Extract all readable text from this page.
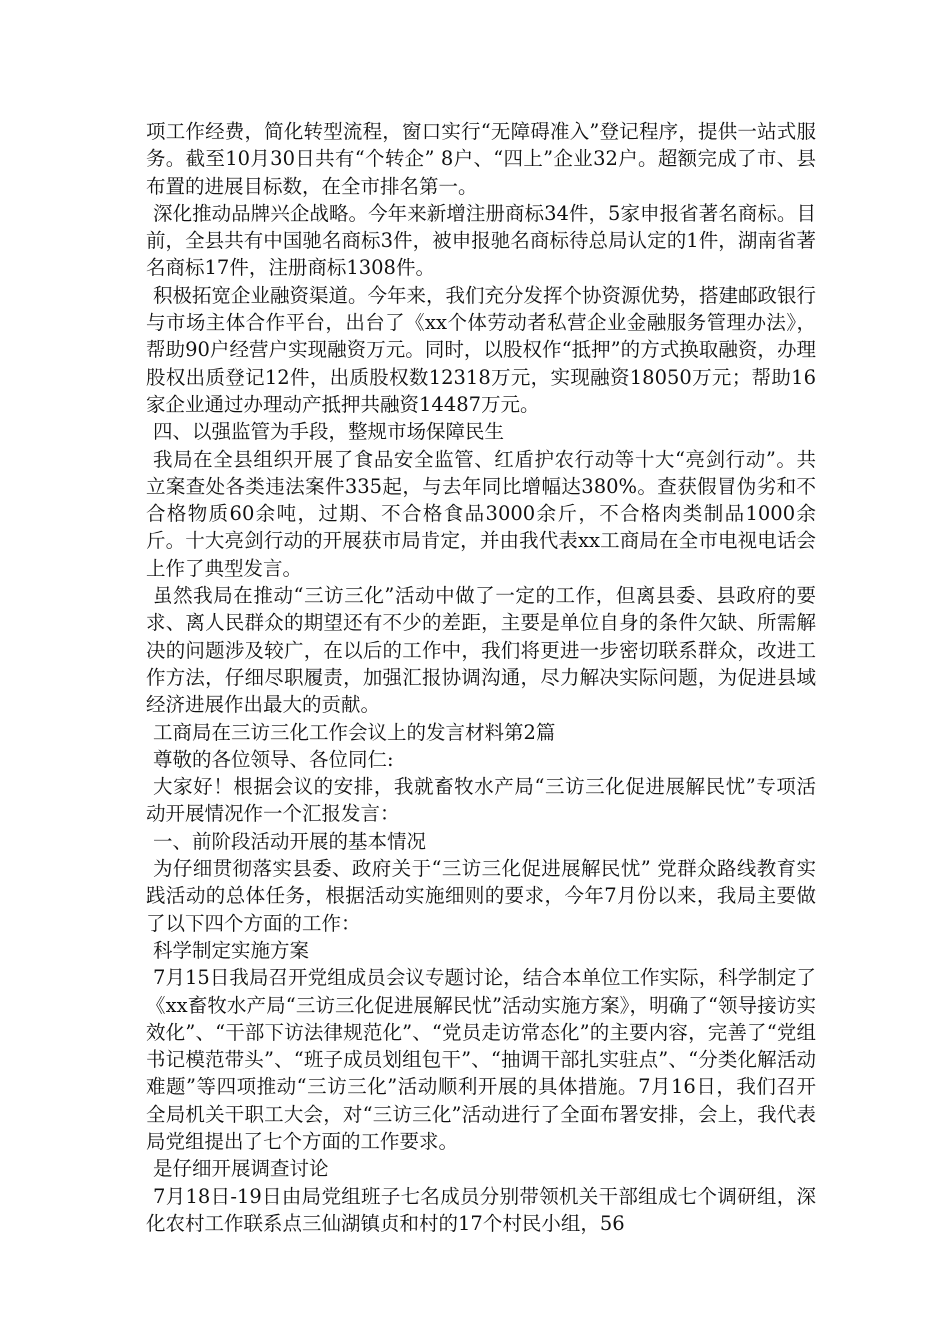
项工作经费，简化转型流程，窗口实行“无障碍准入”登记程序，提供一站式服务。截至10月30日共有“个转企” 8户、“四上”企业32户。超额完成了市、县布置的进展目标数，在全市排名第一。

深化推动品牌兴企战略。今年来新增注册商标34件，5家申报省著名商标。目前，全县共有中国驰名商标3件，被申报驰名商标待总局认定的1件，湖南省著名商标17件，注册商标1308件。

积极拓宽企业融资渠道。今年来，我们充分发挥个协资源优势，搭建邮政银行与市场主体合作平台，出台了《xx个体劳动者私营企业金融服务管理办法》，帮助90户经营户实现融资万元。同时，以股权作“抵押”的方式换取融资，办理股权出质登记12件，出质股权数12318万元，实现融资18050万元；帮助16家企业通过办理动产抵押共融资14487万元。

四、以强监管为手段，整规市场保障民生

我局在全县组织开展了食品安全监管、红盾护农行动等十大“亮剑行动”。共立案查处各类违法案件335起，与去年同比增幅达380%。查获假冒伪劣和不合格物质60余吨，过期、不合格食品3000余斤，不合格肉类制品1000余斤。十大亮剑行动的开展获市局肯定，并由我代表xx工商局在全市电视电话会上作了典型发言。

虽然我局在推动“三访三化”活动中做了一定的工作，但离县委、县政府的要求、离人民群众的期望还有不少的差距，主要是单位自身的条件欠缺、所需解决的问题涉及较广，在以后的工作中，我们将更进一步密切联系群众，改进工作方法，仔细尽职履责，加强汇报协调沟通，尽力解决实际问题，为促进县域经济进展作出最大的贡献。

工商局在三访三化工作会议上的发言材料第2篇

尊敬的各位领导、各位同仁:

大家好！根据会议的安排，我就畜牧水产局“三访三化促进展解民忧”专项活动开展情况作一个汇报发言：

一、前阶段活动开展的基本情况

为仔细贯彻落实县委、政府关于“三访三化促进展解民忧” 党群众路线教育实践活动的总体任务，根据活动实施细则的要求，今年7月份以来，我局主要做了以下四个方面的工作：

科学制定实施方案

7月15日我局召开党组成员会议专题讨论，结合本单位工作实际，科学制定了《xx畜牧水产局“三访三化促进展解民忧”活动实施方案》，明确了“领导接访实效化”、“干部下访法律规范化”、“党员走访常态化”的主要内容，完善了“党组书记模范带头”、“班子成员划组包干”、“抽调干部扎实驻点”、“分类化解活动难题”等四项推动“三访三化”活动顺利开展的具体措施。7月16日，我们召开全局机关干职工大会，对“三访三化”活动进行了全面布署安排，会上，我代表局党组提出了七个方面的工作要求。

是仔细开展调查讨论

7月18日-19日由局党组班子七名成员分别带领机关干部组成七个调研组，深化农村工作联系点三仙湖镇贞和村的17个村民小组，56
